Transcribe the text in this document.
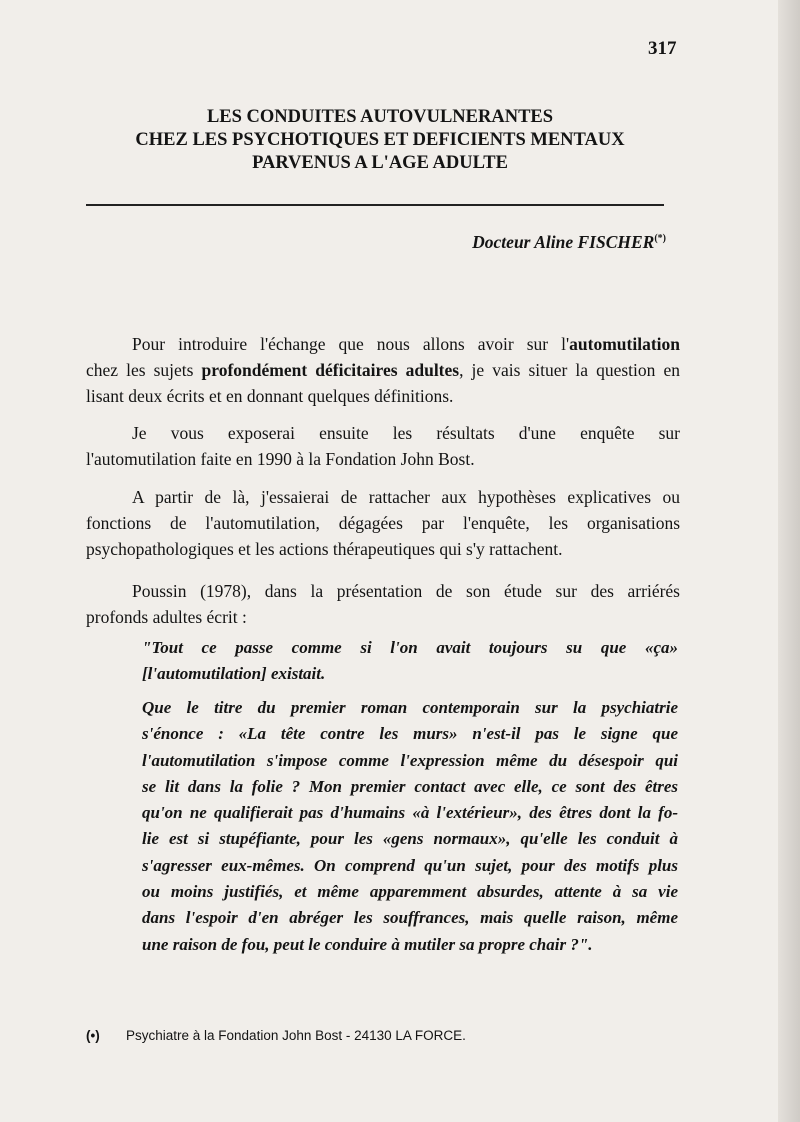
317
LES CONDUITES AUTOVULNERANTES
CHEZ LES PSYCHOTIQUES ET DEFICIENTS MENTAUX
PARVENUS A L'AGE ADULTE
Docteur Aline FISCHER(*)
Pour introduire l'échange que nous allons avoir sur l'automutilation
chez les sujets profondément déficitaires adultes, je vais situer la question en
lisant deux écrits et en donnant quelques définitions.
Je vous exposerai ensuite les résultats d'une enquête sur
l'automutilation faite en 1990 à la Fondation John Bost.
A partir de là, j'essaierai de rattacher aux hypothèses explicatives ou
fonctions de l'automutilation, dégagées par l'enquête, les organisations
psychopathologiques et les actions thérapeutiques qui s'y rattachent.
Poussin (1978), dans la présentation de son étude sur des arriérés
profonds adultes écrit :
"Tout ce passe comme si l'on avait toujours su que «ça»
[l'automutilation] existait.
Que le titre du premier roman contemporain sur la psychiatrie
s'énonce : «La tête contre les murs» n'est-il pas le signe que
l'automutilation s'impose comme l'expression même du désespoir qui
se lit dans la folie ? Mon premier contact avec elle, ce sont des êtres
qu'on ne qualifierait pas d'humains «à l'extérieur», des êtres dont la fo-
lie est si stupéfiante, pour les «gens normaux», qu'elle les conduit à
s'agresser eux-mêmes. On comprend qu'un sujet, pour des motifs plus
ou moins justifiés, et même apparemment absurdes, attente à sa vie
dans l'espoir d'en abréger les souffrances, mais quelle raison, même
une raison de fou, peut le conduire à mutiler sa propre chair ?".
(•) Psychiatre à la Fondation John Bost - 24130 LA FORCE.
